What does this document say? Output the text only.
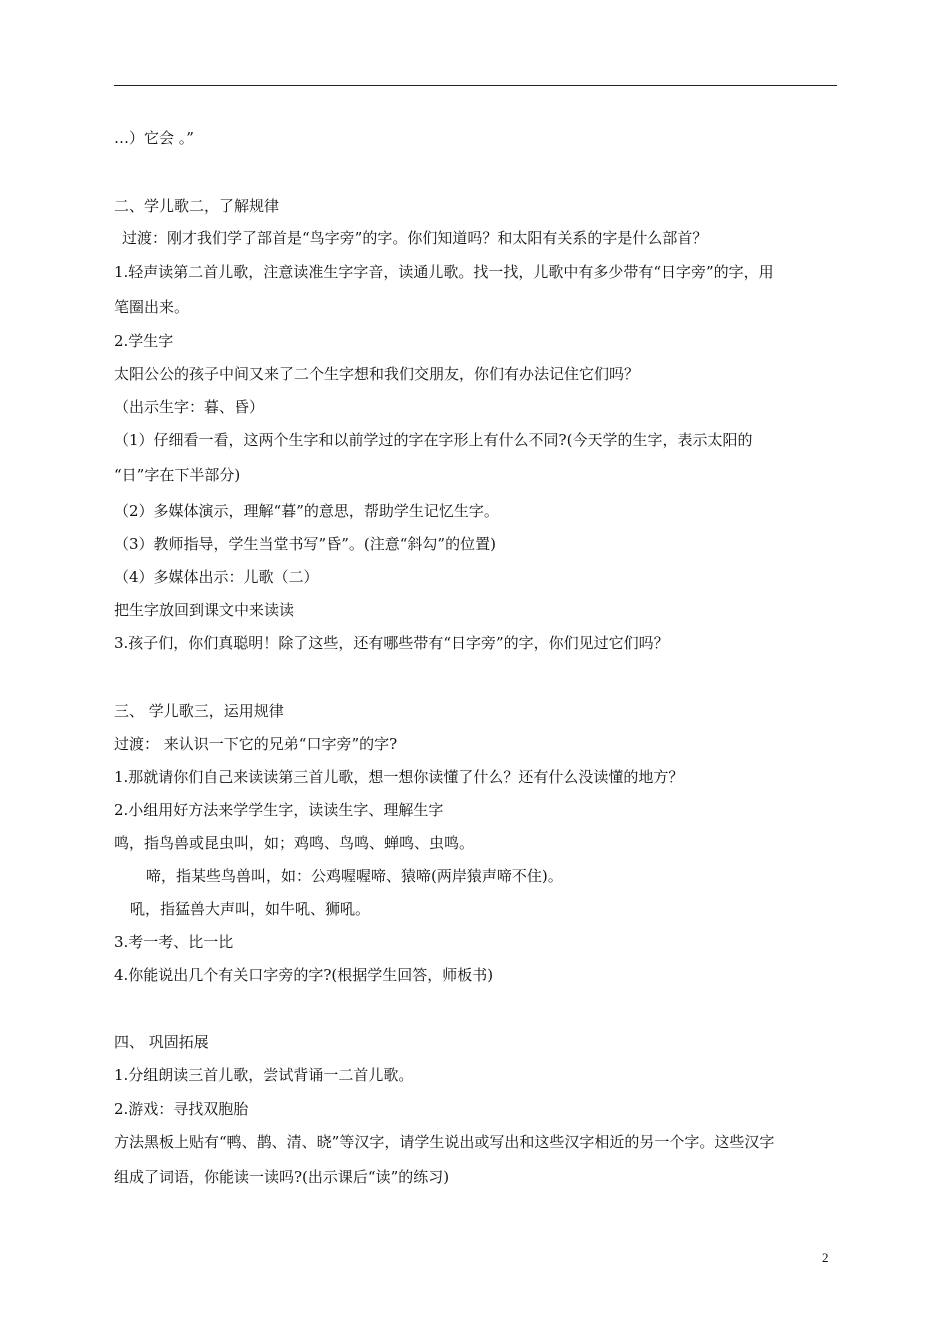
…）它会 。”
二、学儿歌二，了解规律
过渡：刚才我们学了部首是“鸟字旁”的字。你们知道吗？和太阳有关系的字是什么部首？
1.轻声读第二首儿歌，注意读准生字字音，读通儿歌。找一找，儿歌中有多少带有“日字旁”的字，用
笔圈出来。
2.学生字
太阳公公的孩子中间又来了二个生字想和我们交朋友，你们有办法记住它们吗？
（出示生字：暮、昏）
（1）仔细看一看，这两个生字和以前学过的字在字形上有什么不同?(今天学的生字，表示太阳的
“日”字在下半部分)
（2）多媒体演示，理解“暮”的意思，帮助学生记忆生字。
（3）教师指导，学生当堂书写”昏”。(注意“斜勾”的位置)
（4）多媒体出示：儿歌（二）
把生字放回到课文中来读读
3.孩子们，你们真聪明！除了这些，还有哪些带有“日字旁”的字，你们见过它们吗？
三、 学儿歌三，运用规律
过渡： 来认识一下它的兄弟“口字旁”的字?
1.那就请你们自己来读读第三首儿歌，想一想你读懂了什么？还有什么没读懂的地方？
2.小组用好方法来学学生字，读读生字、理解生字
鸣，指鸟兽或昆虫叫，如；鸡鸣、鸟鸣、蝉鸣、虫鸣。
啼，指某些鸟兽叫，如：公鸡喔喔啼、猿啼(两岸猿声啼不住)。
吼，指猛兽大声叫，如牛吼、狮吼。
3.考一考、比一比
4.你能说出几个有关口字旁的字?(根据学生回答，师板书)
四、 巩固拓展
1.分组朗读三首儿歌，尝试背诵一二首儿歌。
2.游戏：寻找双胞胎
方法黑板上贴有“鸭、鹊、清、晓”等汉字，请学生说出或写出和这些汉字相近的另一个字。这些汉字
组成了词语，你能读一读吗?(出示课后“读”的练习)
2
